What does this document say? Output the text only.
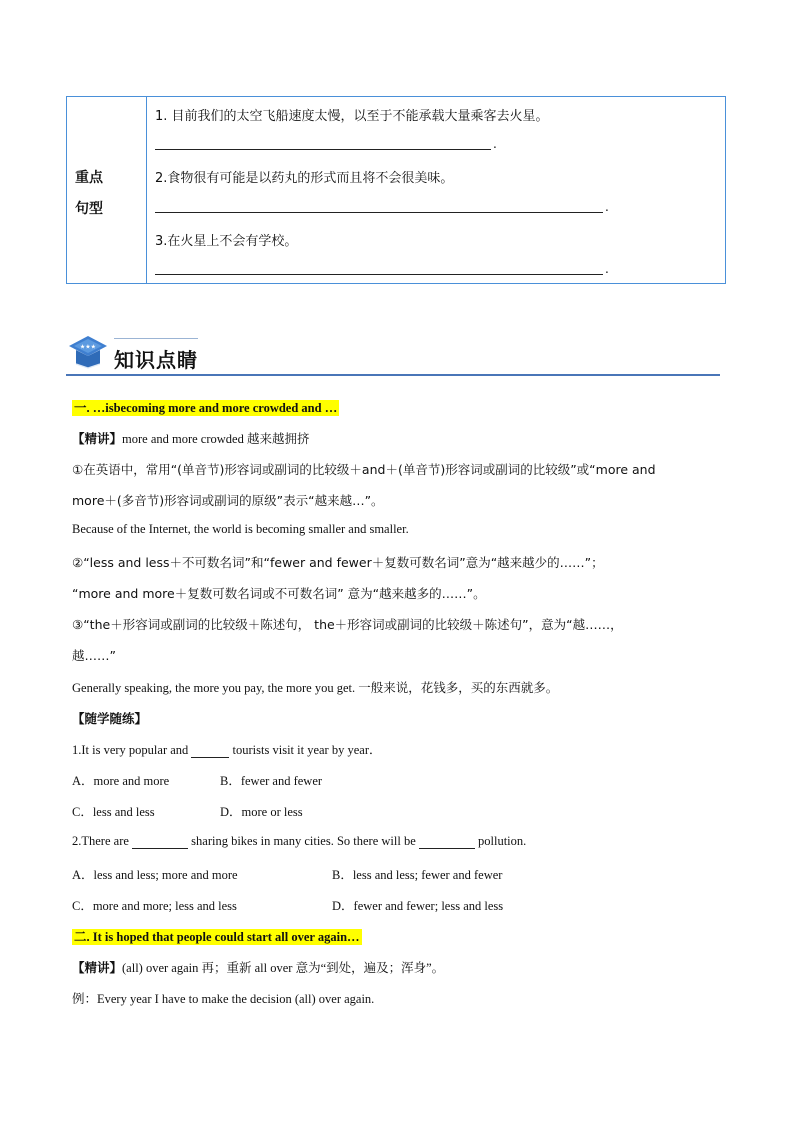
重点
句型
1. 目前我们的太空飞船速度太慢，以至于不能承载大量乘客去火星。
.
2.食物很有可能是以药丸的形式而且将不会很美味。
.
3.在火星上不会有学校。
.
★★★
知识点睛
一. …isbecoming more and more crowded and …
【精讲】more and more crowded 越来越拥挤
①在英语中，常用“(单音节)形容词或副词的比较级＋and＋(单音节)形容词或副词的比较级”或“more and
more＋(多音节)形容词或副词的原级”表示“越来越…”。
Because of the Internet, the world is becoming smaller and smaller.
②“less and less＋不可数名词”和“fewer and fewer＋复数可数名词”意为“越来越少的……”；
“more and more＋复数可数名词或不可数名词” 意为“越来越多的……”。
③“the＋形容词或副词的比较级＋陈述句， the＋形容词或副词的比较级＋陈述句”，意为“越……，
越……”
Generally speaking, the more you pay, the more you get. 一般来说，花钱多，买的东西就多。
【随学随练】
1.It is very popular and	tourists visit it year by year．
A．more and more	B．fewer and fewer
C．less and less	D．more or less
2.There are	sharing bikes in many cities. So there will be	pollution.
A．less and less; more and more	B．less and less; fewer and fewer
C．more and more; less and less	D．fewer and fewer; less and less
二. It is hoped that people could start all over again…
【精讲】(all) over again 再；重新 all over 意为“到处，遍及；浑身”。
例：Every year I have to make the decision (all) over again.
